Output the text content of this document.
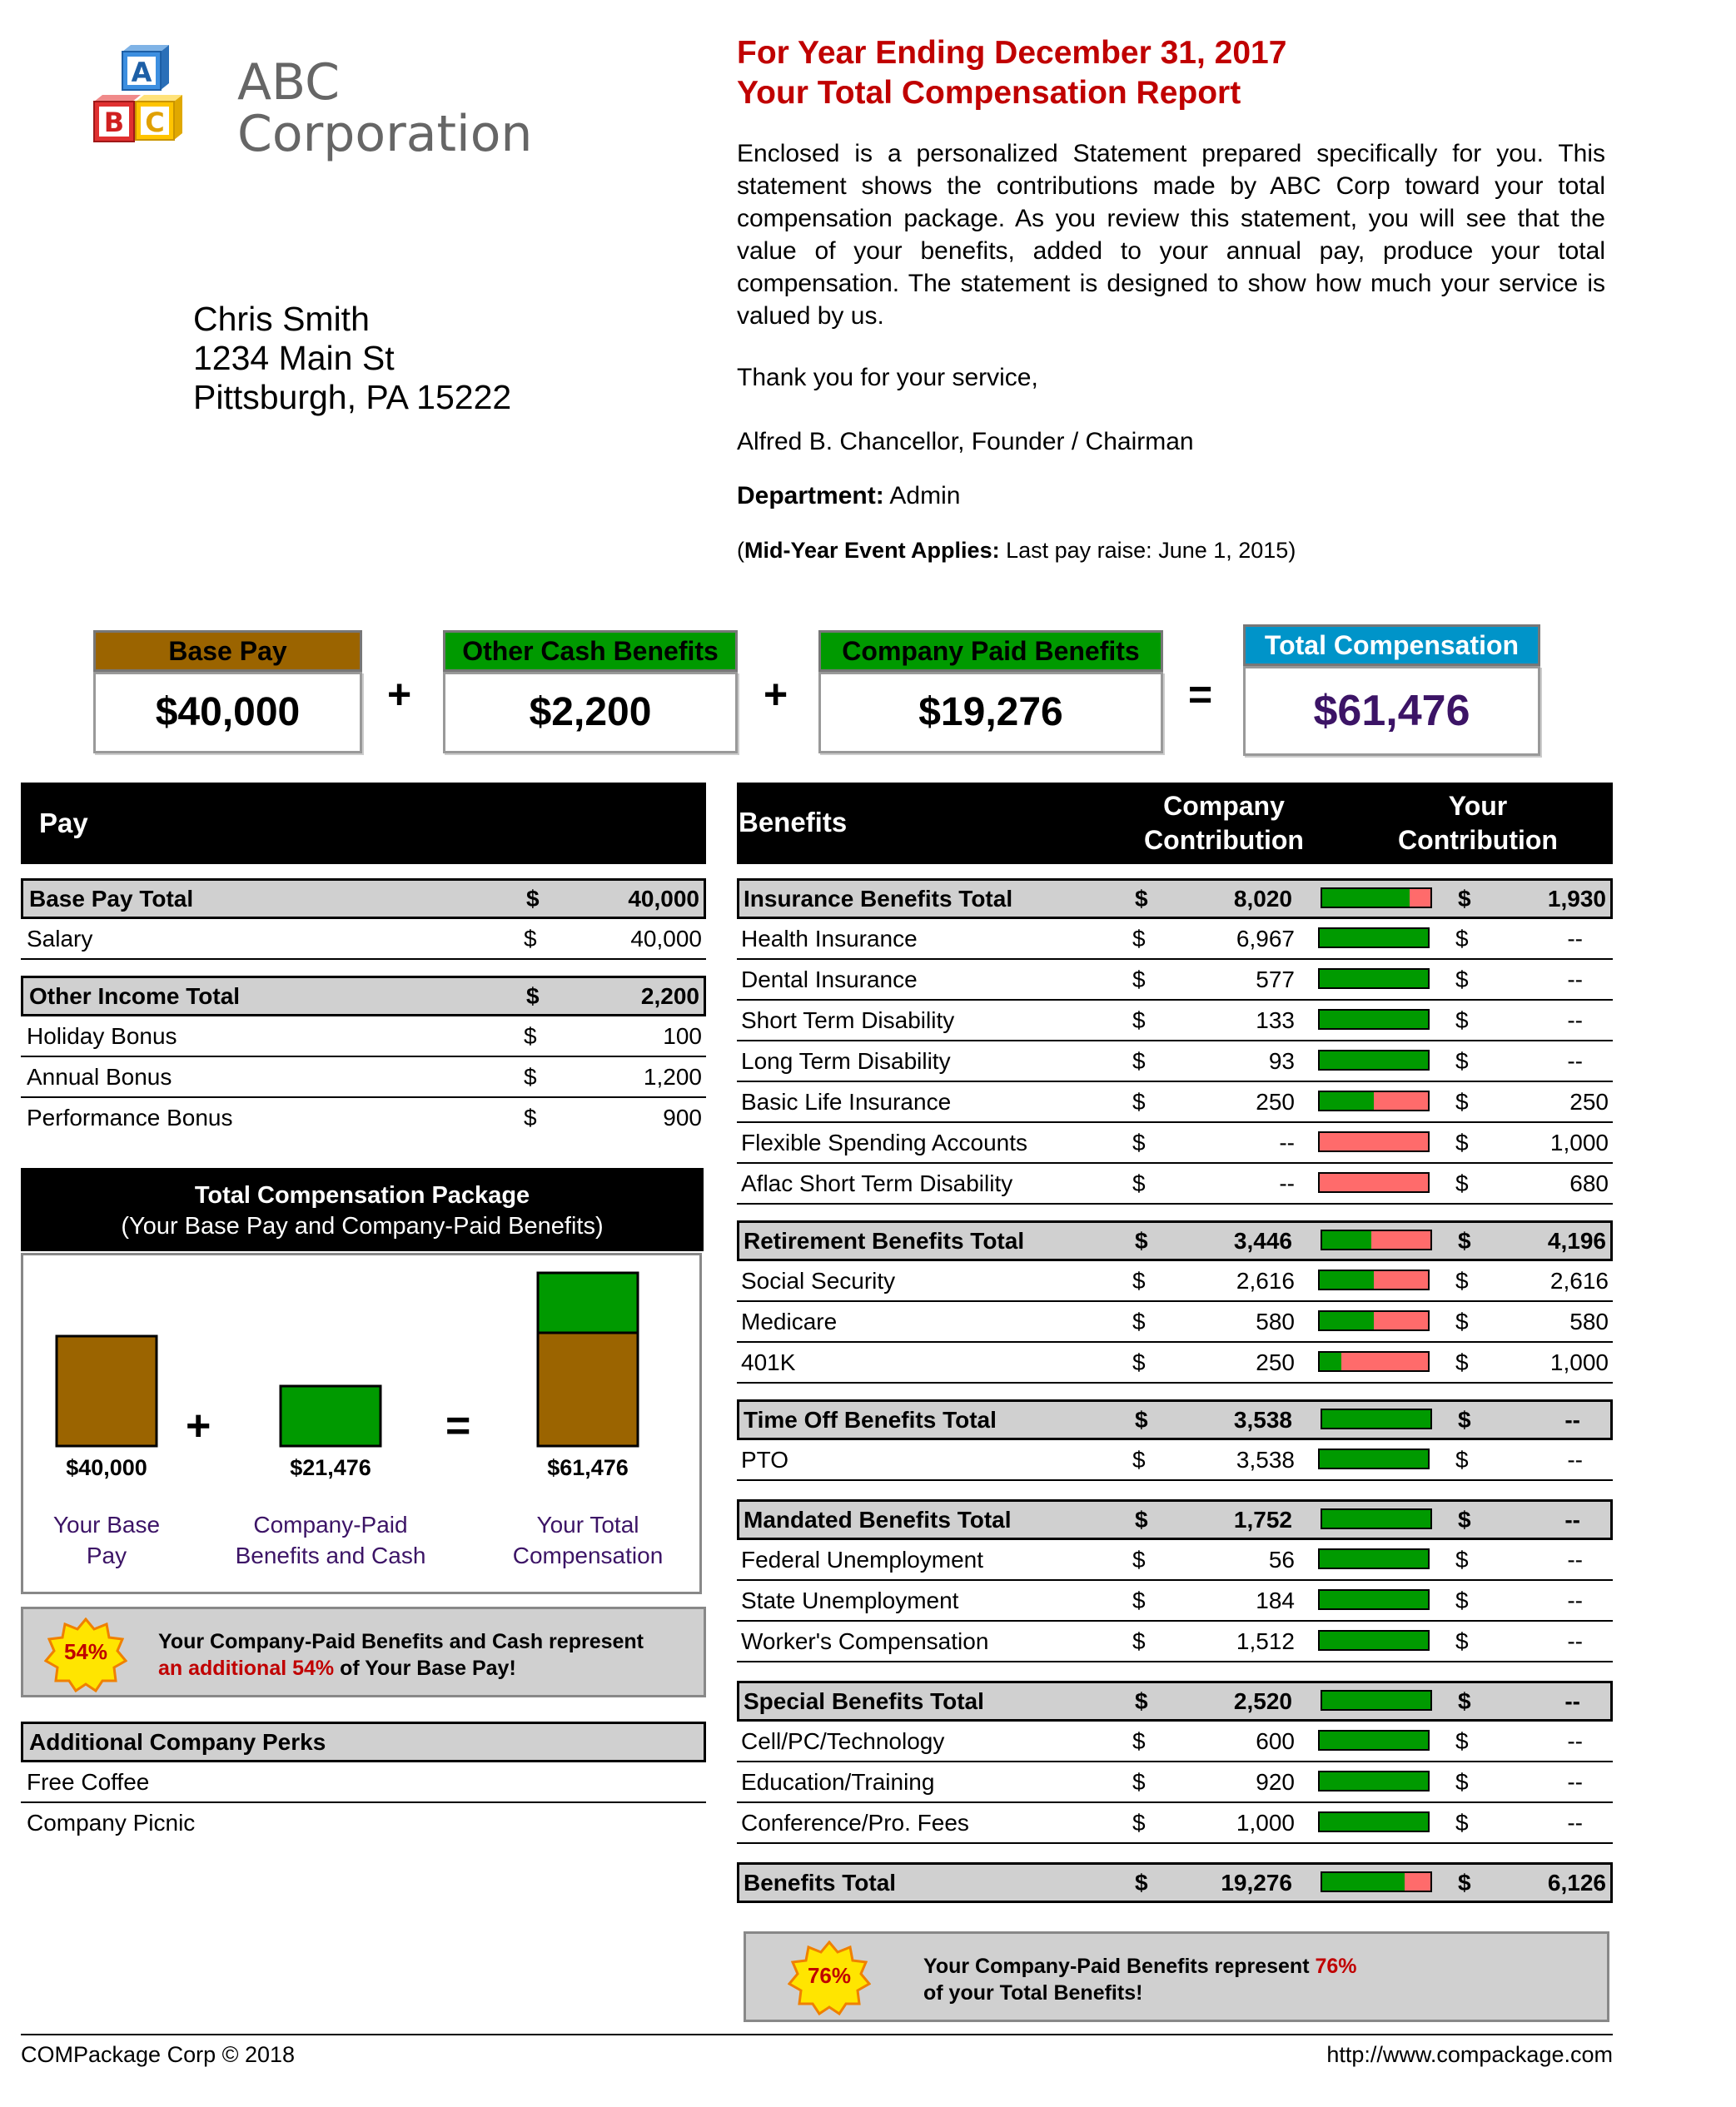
A
B C
ABC
Corporation
Chris Smith
1234 Main St
Pittsburgh, PA 15222
For Year Ending December 31, 2017
Your Total Compensation Report
Enclosed is a personalized Statement prepared specifically for you. This statement shows the contributions made by ABC Corp toward your total compensation package. As you review this statement, you will see that the value of your benefits, added to your annual pay, produce your total compensation. The statement is designed to show how much your service is valued by us.
Thank you for your service,
Alfred B. Chancellor, Founder / Chairman
Department: Admin
(Mid-Year Event Applies: Last pay raise: June 1, 2015)
Base Pay
$40,000	+
Other Cash Benefits
$2,200	+
Company Paid Benefits
$19,276	=
Total Compensation
$61,476
Pay
Base Pay Total	$	40,000
Salary	$	40,000
Other Income Total	$	2,200
Holiday Bonus	$	100
Annual Bonus	$	1,200
Performance Bonus	$	900
Total Compensation Package
(Your Base Pay and Company-Paid Benefits)
+	=
$40,000	$21,476	$61,476
Your Base
Pay
Company-Paid
Benefits and Cash
Your Total
Compensation
54%	Your Company-Paid Benefits and Cash represent
an additional 54% of Your Base Pay!
Additional Company Perks
Free Coffee
Company Picnic
Benefits
Company
Contribution
Your
Contribution
Insurance Benefits Total	$	8,020	$	1,930
Health Insurance	$	6,967	$	--
Dental Insurance	$	577	$	--
Short Term Disability	$	133	$	--
Long Term Disability	$	93	$	--
Basic Life Insurance	$	250	$	250
Flexible Spending Accounts	$	--	$	1,000
Aflac Short Term Disability	$	--	$	680
Retirement Benefits Total	$	3,446	$	4,196
Social Security	$	2,616	$	2,616
Medicare	$	580	$	580
401K	$	250	$	1,000
Time Off Benefits Total	$	3,538	$	--
PTO	$	3,538	$	--
Mandated Benefits Total	$	1,752	$	--
Federal Unemployment	$	56	$	--
State Unemployment	$	184	$	--
Worker's Compensation	$	1,512	$	--
Special Benefits Total	$	2,520	$	--
Cell/PC/Technology	$	600	$	--
Education/Training	$	920	$	--
Conference/Pro. Fees	$	1,000	$	--
Benefits Total	$	19,276	$	6,126
76%	Your Company-Paid Benefits represent 76%
of your Total Benefits!
COMPackage Corp © 2018	http://www.compackage.com
